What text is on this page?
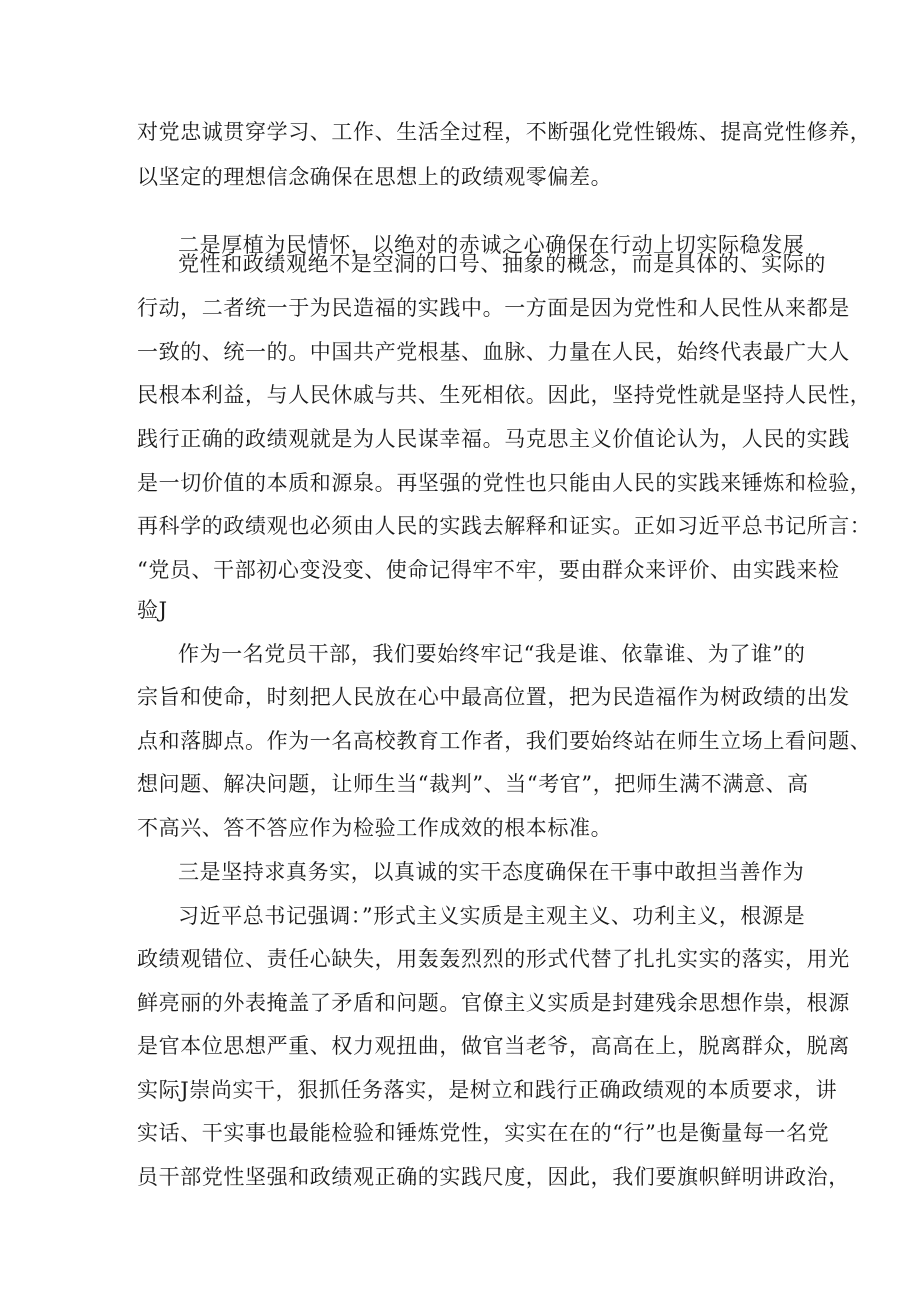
对党忠诚贯穿学习、工作、生活全过程，不断强化党性锻炼、提高党性修养，
以坚定的理想信念确保在思想上的政绩观零偏差。
二是厚植为民情怀，以绝对的赤诚之心确保在行动上切实际稳发展
党性和政绩观绝不是空洞的口号、抽象的概念，而是具体的、实际的
行动，二者统一于为民造福的实践中。一方面是因为党性和人民性从来都是
一致的、统一的。中国共产党根基、血脉、力量在人民，始终代表最广大人
民根本利益，与人民休戚与共、生死相依。因此，坚持党性就是坚持人民性，
践行正确的政绩观就是为人民谋幸福。马克思主义价值论认为，人民的实践
是一切价值的本质和源泉。再坚强的党性也只能由人民的实践来锤炼和检验，
再科学的政绩观也必须由人民的实践去解释和证实。正如习近平总书记所言：
“党员、干部初心变没变、使命记得牢不牢，要由群众来评价、由实践来检
验J
作为一名党员干部，我们要始终牢记“我是谁、依靠谁、为了谁”的
宗旨和使命，时刻把人民放在心中最高位置，把为民造福作为树政绩的出发
点和落脚点。作为一名高校教育工作者，我们要始终站在师生立场上看问题、
想问题、解决问题，让师生当“裁判”、当“考官”，把师生满不满意、高
不高兴、答不答应作为检验工作成效的根本标准。
三是坚持求真务实，以真诚的实干态度确保在干事中敢担当善作为
习近平总书记强调：”形式主义实质是主观主义、功利主义，根源是
政绩观错位、责任心缺失，用轰轰烈烈的形式代替了扎扎实实的落实，用光
鲜亮丽的外表掩盖了矛盾和问题。官僚主义实质是封建残余思想作祟，根源
是官本位思想严重、权力观扭曲，做官当老爷，高高在上，脱离群众，脱离
实际J崇尚实干，狠抓任务落实，是树立和践行正确政绩观的本质要求，讲
实话、干实事也最能检验和锤炼党性，实实在在的“行”也是衡量每一名党
员干部党性坚强和政绩观正确的实践尺度，因此，我们要旗帜鲜明讲政治，
